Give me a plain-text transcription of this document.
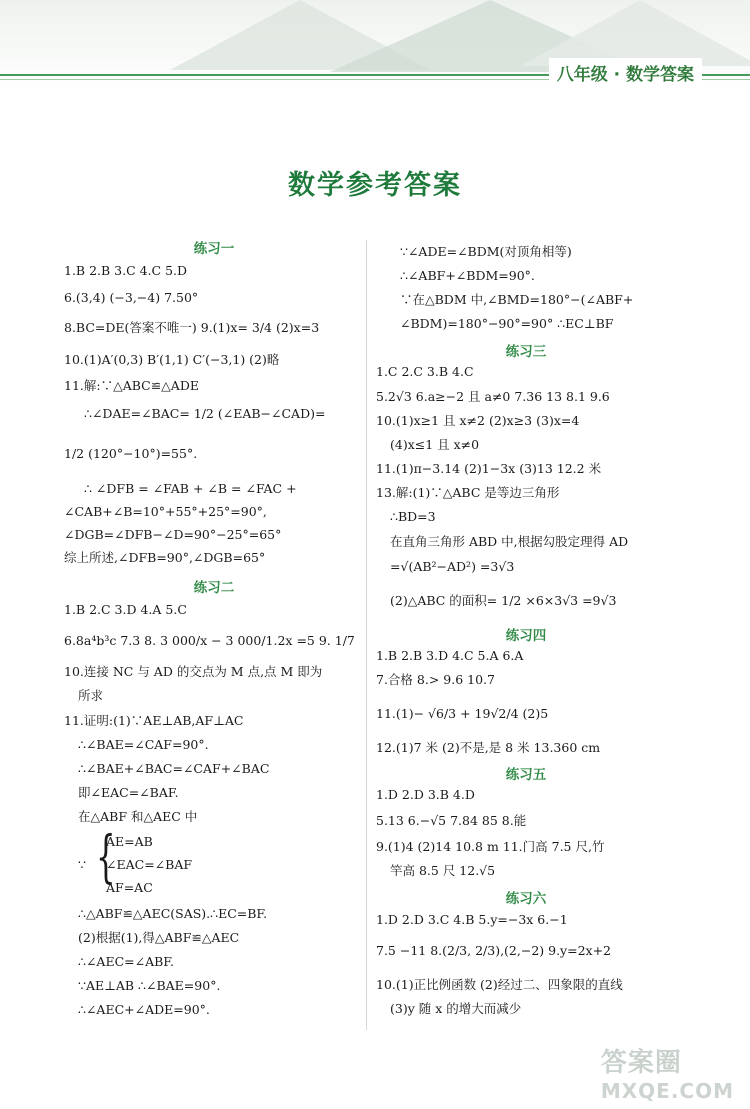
八年级 · 数学答案
数学参考答案
练习一
1.B 2.B 3.C 4.C 5.D
6.(3,4) (−3,−4) 7.50°
8.BC=DE(答案不唯一) 9.(1)x= 3/4 (2)x=3
10.(1)A′(0,3) B′(1,1) C′(−3,1) (2)略
11.解:∵△ABC≌△ADE
∴∠DAE=∠BAC= 1/2 (∠EAB−∠CAD)=
1/2 (120°−10°)=55°.
∴ ∠DFB = ∠FAB + ∠B = ∠FAC +
∠CAB+∠B=10°+55°+25°=90°,
∠DGB=∠DFB−∠D=90°−25°=65°
综上所述,∠DFB=90°,∠DGB=65°
练习二
1.B 2.C 3.D 4.A 5.C
6.8a⁴b³c 7.3 8. 3 000/x − 3 000/1.2x =5 9. 1/7
10.连接 NC 与 AD 的交点为 M 点,点 M 即为
所求
11.证明:(1)∵AE⊥AB,AF⊥AC
∴∠BAE=∠CAF=90°.
∴∠BAE+∠BAC=∠CAF+∠BAC
即∠EAC=∠BAF.
在△ABF 和△AEC 中
{
AE=AB
∵ ∠EAC=∠BAF
AF=AC
∴△ABF≌△AEC(SAS).∴EC=BF.
(2)根据(1),得△ABF≌△AEC
∴∠AEC=∠ABF.
∵AE⊥AB ∴∠BAE=90°.
∴∠AEC+∠ADE=90°.
∵∠ADE=∠BDM(对顶角相等)
∴∠ABF+∠BDM=90°.
∵在△BDM 中,∠BMD=180°−(∠ABF+
∠BDM)=180°−90°=90° ∴EC⊥BF
练习三
1.C 2.C 3.B 4.C
5.2√3 6.a≥−2 且 a≠0 7.36 13 8.1 9.6
10.(1)x≥1 且 x≠2 (2)x≥3 (3)x=4
(4)x≤1 且 x≠0
11.(1)π−3.14 (2)1−3x (3)13 12.2 米
13.解:(1)∵△ABC 是等边三角形
∴BD=3
在直角三角形 ABD 中,根据勾股定理得 AD
=√(AB²−AD²) =3√3
(2)△ABC 的面积= 1/2 ×6×3√3 =9√3
练习四
1.B 2.B 3.D 4.C 5.A 6.A
7.合格 8.> 9.6 10.7
11.(1)− √6/3 + 19√2/4 (2)5
12.(1)7 米 (2)不是,是 8 米 13.360 cm
练习五
1.D 2.D 3.B 4.D
5.13 6.−√5 7.84 85 8.能
9.(1)4 (2)14 10.8 m 11.门高 7.5 尺,竹
竿高 8.5 尺 12.√5
练习六
1.D 2.D 3.C 4.B 5.y=−3x 6.−1
7.5 −11 8.(2/3, 2/3),(2,−2) 9.y=2x+2
10.(1)正比例函数 (2)经过二、四象限的直线
(3)y 随 x 的增大而减少
答案圈
MXQE.COM
